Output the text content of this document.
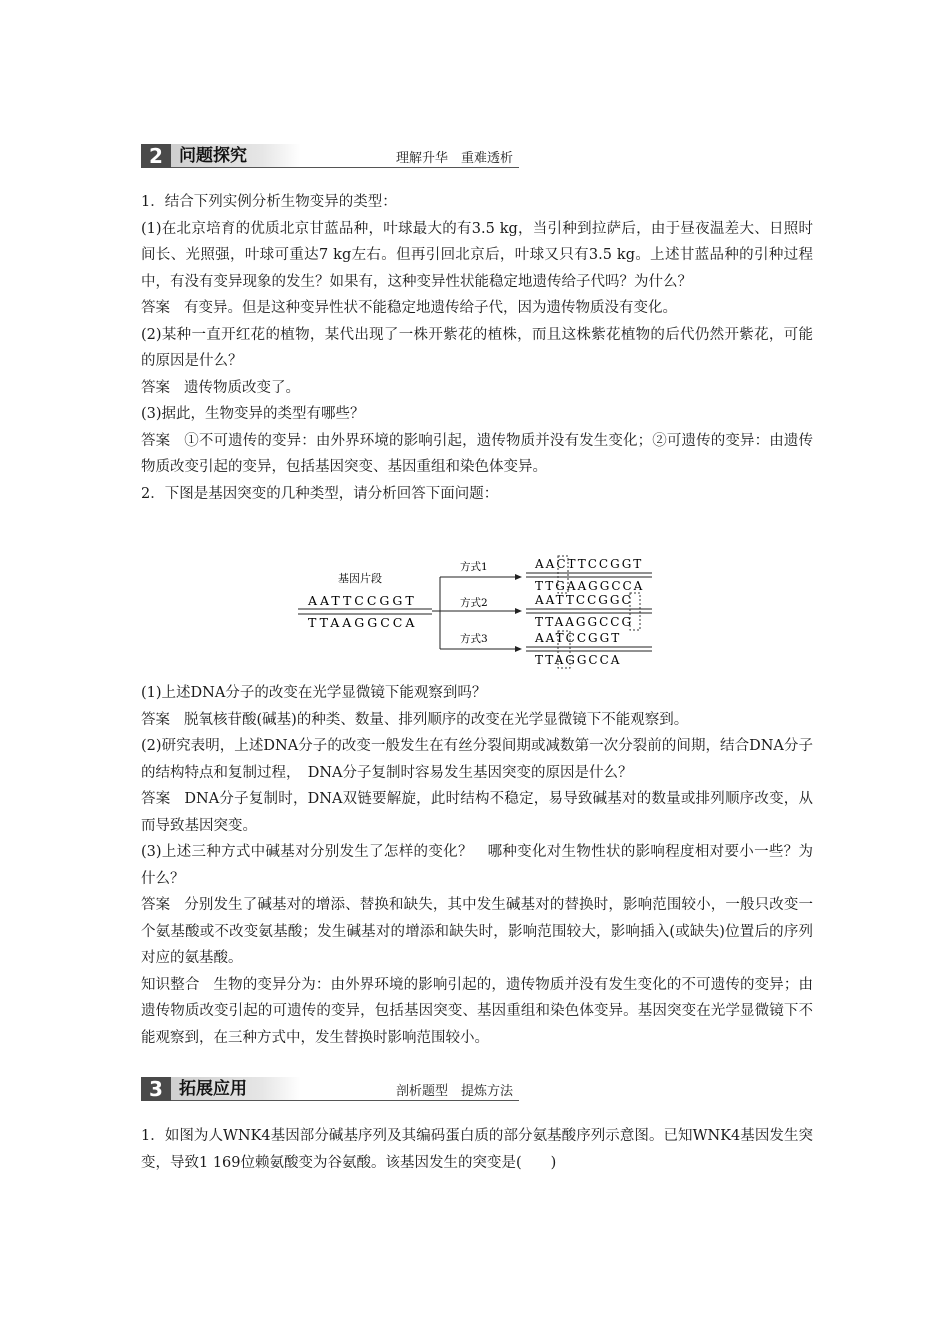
2 问题探究	理解升华　重难透析

1．结合下列实例分析生物变异的类型：

(1)在北京培育的优质北京甘蓝品种，叶球最大的有3.5 kg，当引种到拉萨后，由于昼夜温差大、日照时间长、光照强，叶球可重达7 kg左右。但再引回北京后，叶球又只有3.5 kg。上述甘蓝品种的引种过程中，有没有变异现象的发生？如果有，这种变异性状能稳定地遗传给子代吗？为什么？

答案 有变异。但是这种变异性状不能稳定地遗传给子代，因为遗传物质没有变化。

(2)某种一直开红花的植物，某代出现了一株开紫花的植株，而且这株紫花植物的后代仍然开紫花，可能的原因是什么？

答案 遗传物质改变了。

(3)据此，生物变异的类型有哪些？

答案 ①不可遗传的变异：由外界环境的影响引起，遗传物质并没有发生变化；②可遗传的变异：由遗传物质改变引起的变异，包括基因突变、基因重组和染色体变异。

2．下图是基因突变的几种类型，请分析回答下面问题：

基因片段
AATTCCGGT
TTAAGGCCA
方式1
方式2
方式3
AACTTCCGGT
TTGAAGGCCA
AATTCCGGC
TTAAGGCCG
AATCCGGT
TTAGGCCA

(1)上述DNA分子的改变在光学显微镜下能观察到吗？

答案 脱氧核苷酸(碱基)的种类、数量、排列顺序的改变在光学显微镜下不能观察到。

(2)研究表明，上述DNA分子的改变一般发生在有丝分裂间期或减数第一次分裂前的间期，结合DNA分子的结构特点和复制过程，　DNA分子复制时容易发生基因突变的原因是什么？

答案 DNA分子复制时，DNA双链要解旋，此时结构不稳定，易导致碱基对的数量或排列顺序改变，从而导致基因突变。

(3)上述三种方式中碱基对分别发生了怎样的变化？　哪种变化对生物性状的影响程度相对要小一些？为什么？

答案 分别发生了碱基对的增添、替换和缺失，其中发生碱基对的替换时，影响范围较小，一般只改变一个氨基酸或不改变氨基酸；发生碱基对的增添和缺失时，影响范围较大，影响插入(或缺失)位置后的序列对应的氨基酸。

知识整合 生物的变异分为：由外界环境的影响引起的，遗传物质并没有发生变化的不可遗传的变异；由遗传物质改变引起的可遗传的变异，包括基因突变、基因重组和染色体变异。基因突变在光学显微镜下不能观察到，在三种方式中，发生替换时影响范围较小。

3 拓展应用	剖析题型　提炼方法

1．如图为人WNK4基因部分碱基序列及其编码蛋白质的部分氨基酸序列示意图。已知WNK4基因发生突变，导致1 169位赖氨酸变为谷氨酸。该基因发生的突变是(　　)
